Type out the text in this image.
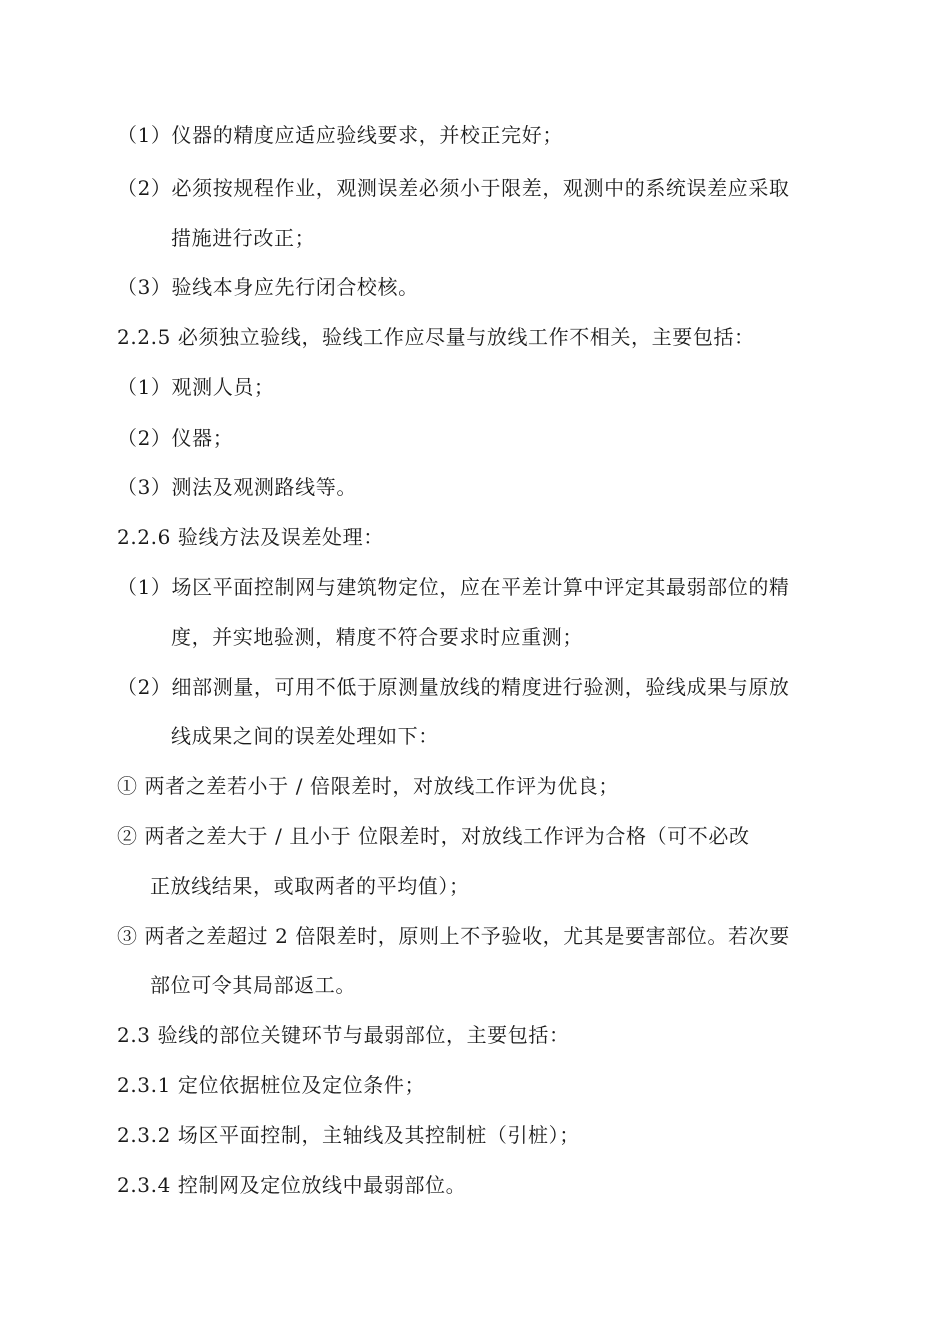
（1）仪器的精度应适应验线要求，并校正完好；
（2）必须按规程作业，观测误差必须小于限差，观测中的系统误差应采取
措施进行改正；
（3）验线本身应先行闭合校核。
2.2.5 必须独立验线，验线工作应尽量与放线工作不相关，主要包括：
（1）观测人员；
（2）仪器；
（3）测法及观测路线等。
2.2.6 验线方法及误差处理：
（1）场区平面控制网与建筑物定位，应在平差计算中评定其最弱部位的精
度，并实地验测，精度不符合要求时应重测；
（2）细部测量，可用不低于原测量放线的精度进行验测，验线成果与原放
线成果之间的误差处理如下：
① 两者之差若小于 / 倍限差时，对放线工作评为优良；
② 两者之差大于 / 且小于 位限差时，对放线工作评为合格（可不必改
正放线结果，或取两者的平均值）；
③ 两者之差超过 2 倍限差时，原则上不予验收，尤其是要害部位。若次要
部位可令其局部返工。
2.3 验线的部位关键环节与最弱部位，主要包括：
2.3.1 定位依据桩位及定位条件；
2.3.2 场区平面控制，主轴线及其控制桩（引桩）；
2.3.4 控制网及定位放线中最弱部位。
